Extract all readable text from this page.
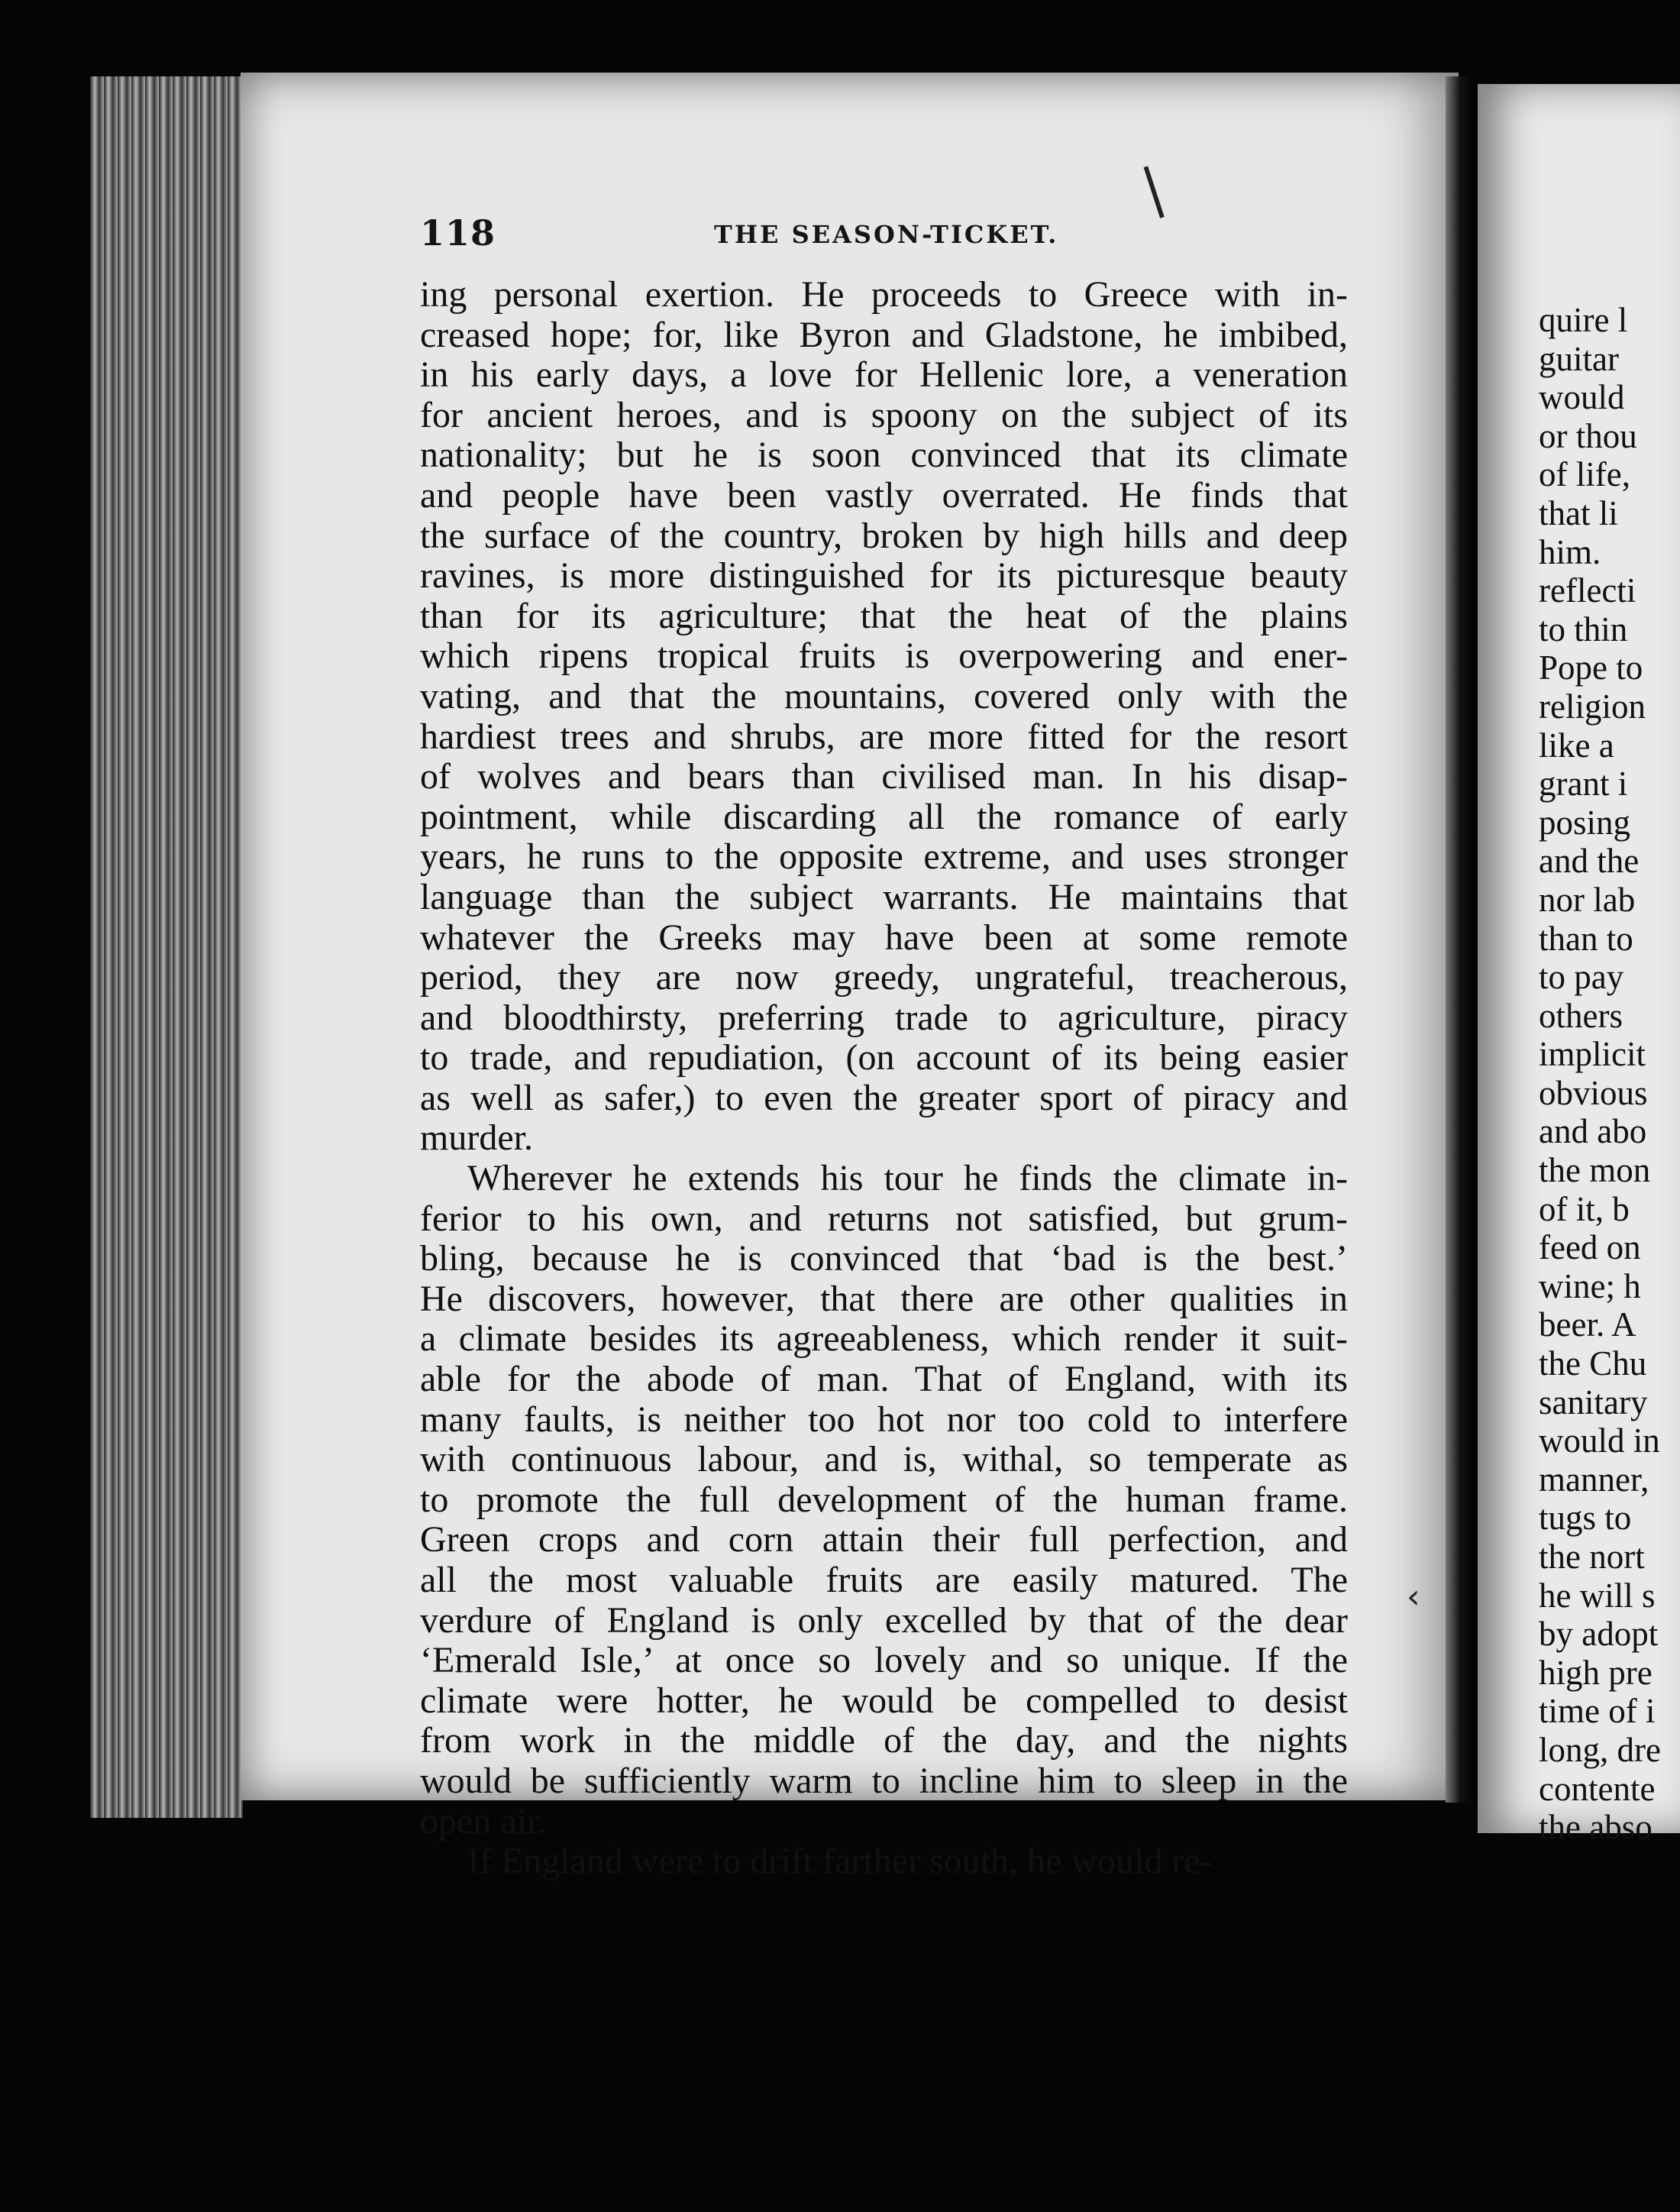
118	THE SEASON-TICKET.
ing personal exertion. He proceeds to Greece with in-
creased hope; for, like Byron and Gladstone, he imbibed,
in his early days, a love for Hellenic lore, a veneration
for ancient heroes, and is spoony on the subject of its
nationality; but he is soon convinced that its climate
and people have been vastly overrated. He finds that
the surface of the country, broken by high hills and deep
ravines, is more distinguished for its picturesque beauty
than for its agriculture; that the heat of the plains
which ripens tropical fruits is overpowering and ener-
vating, and that the mountains, covered only with the
hardiest trees and shrubs, are more fitted for the resort
of wolves and bears than civilised man. In his disap-
pointment, while discarding all the romance of early
years, he runs to the opposite extreme, and uses stronger
language than the subject warrants. He maintains that
whatever the Greeks may have been at some remote
period, they are now greedy, ungrateful, treacherous,
and bloodthirsty, preferring trade to agriculture, piracy
to trade, and repudiation, (on account of its being easier
as well as safer,) to even the greater sport of piracy and
murder.
Wherever he extends his tour he finds the climate in-
ferior to his own, and returns not satisfied, but grum-
bling, because he is convinced that ‘bad is the best.’
He discovers, however, that there are other qualities in
a climate besides its agreeableness, which render it suit-
able for the abode of man. That of England, with its
many faults, is neither too hot nor too cold to interfere
with continuous labour, and is, withal, so temperate as
to promote the full development of the human frame.
Green crops and corn attain their full perfection, and
all the most valuable fruits are easily matured. The
verdure of England is only excelled by that of the dear
‘Emerald Isle,’ at once so lovely and so unique. If the
climate were hotter, he would be compelled to desist
from work in the middle of the day, and the nights
would be sufficiently warm to incline him to sleep in the
open air.
If England were to drift farther south, he would re-
quire l
guitar
would
or thou
of life,
that li
him.
reflecti
to thin
Pope to
religion
like a
grant i
posing
and the
nor lab
than to
to pay
others
implicit
obvious
and abo
the mon
of it, b
feed on
wine; h
beer. A
the Chu
sanitary
would in
manner,
tugs to
the nort
he will s
by adopt
high pre
time of i
long, dre
contente
the abso
❘
‹
